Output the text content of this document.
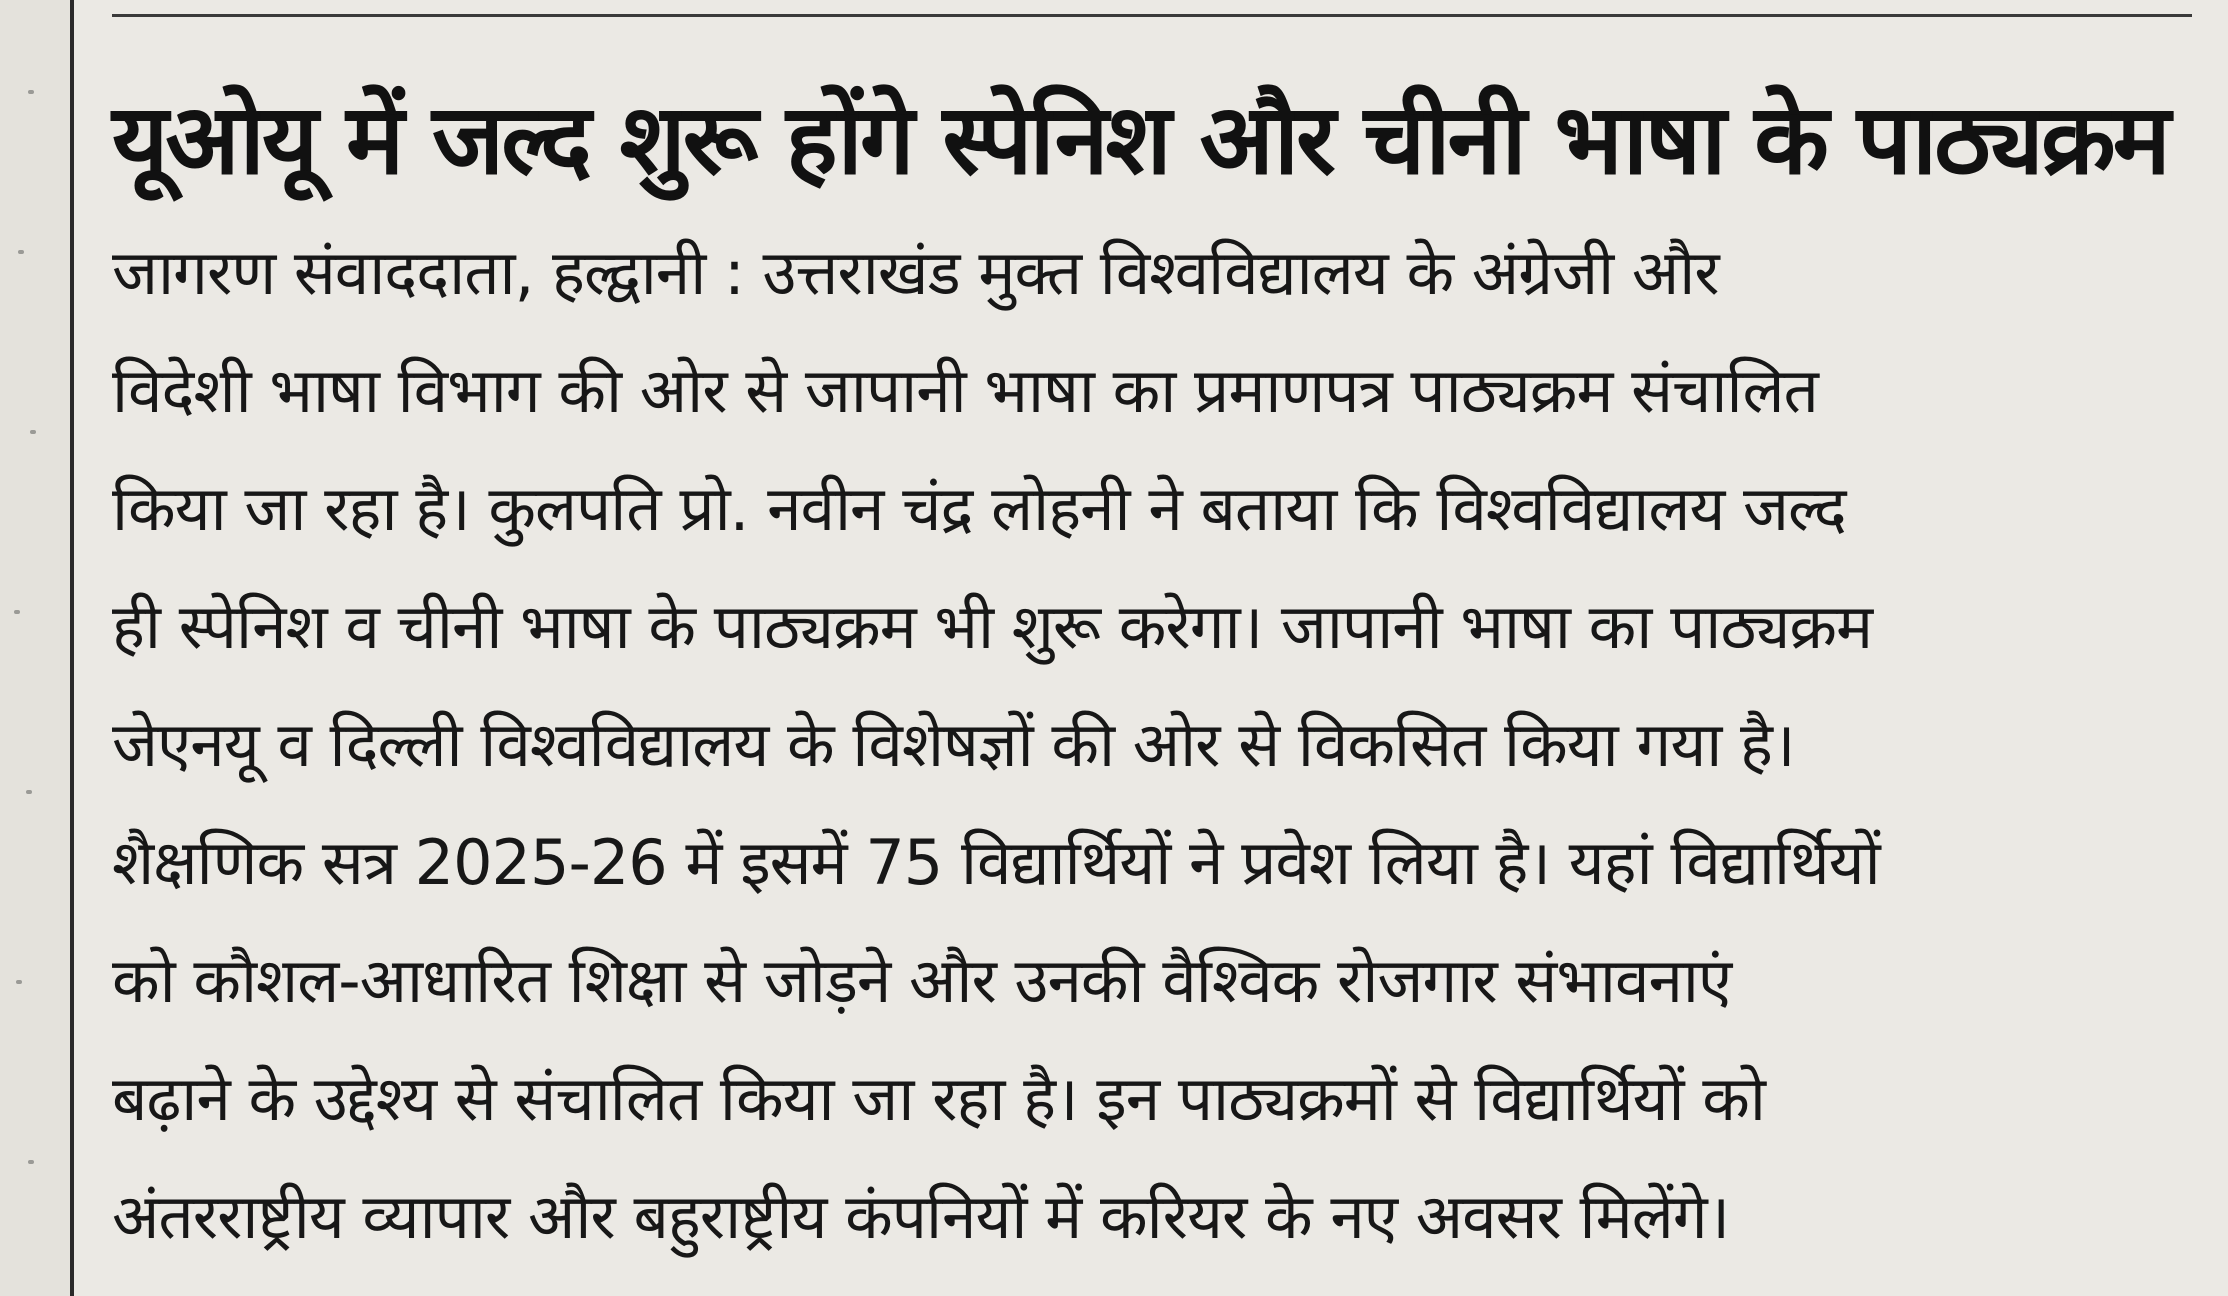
यूओयू में जल्द शुरू होंगे स्पेनिश और चीनी भाषा के पाठ्यक्रम

जागरण संवाददाता, हल्द्वानी : उत्तराखंड मुक्त विश्वविद्यालय के अंग्रेजी और

विदेशी भाषा विभाग की ओर से जापानी भाषा का प्रमाणपत्र पाठ्यक्रम संचालित

किया जा रहा है। कुलपति प्रो. नवीन चंद्र लोहनी ने बताया कि विश्वविद्यालय जल्द

ही स्पेनिश व चीनी भाषा के पाठ्यक्रम भी शुरू करेगा। जापानी भाषा का पाठ्यक्रम

जेएनयू व दिल्ली विश्वविद्यालय के विशेषज्ञों की ओर से विकसित किया गया है।

शैक्षणिक सत्र 2025-26 में इसमें 75 विद्यार्थियों ने प्रवेश लिया है। यहां विद्यार्थियों

को कौशल-आधारित शिक्षा से जोड़ने और उनकी वैश्विक रोजगार संभावनाएं

बढ़ाने के उद्देश्य से संचालित किया जा रहा है। इन पाठ्यक्रमों से विद्यार्थियों को

अंतरराष्ट्रीय व्यापार और बहुराष्ट्रीय कंपनियों में करियर के नए अवसर मिलेंगे।
